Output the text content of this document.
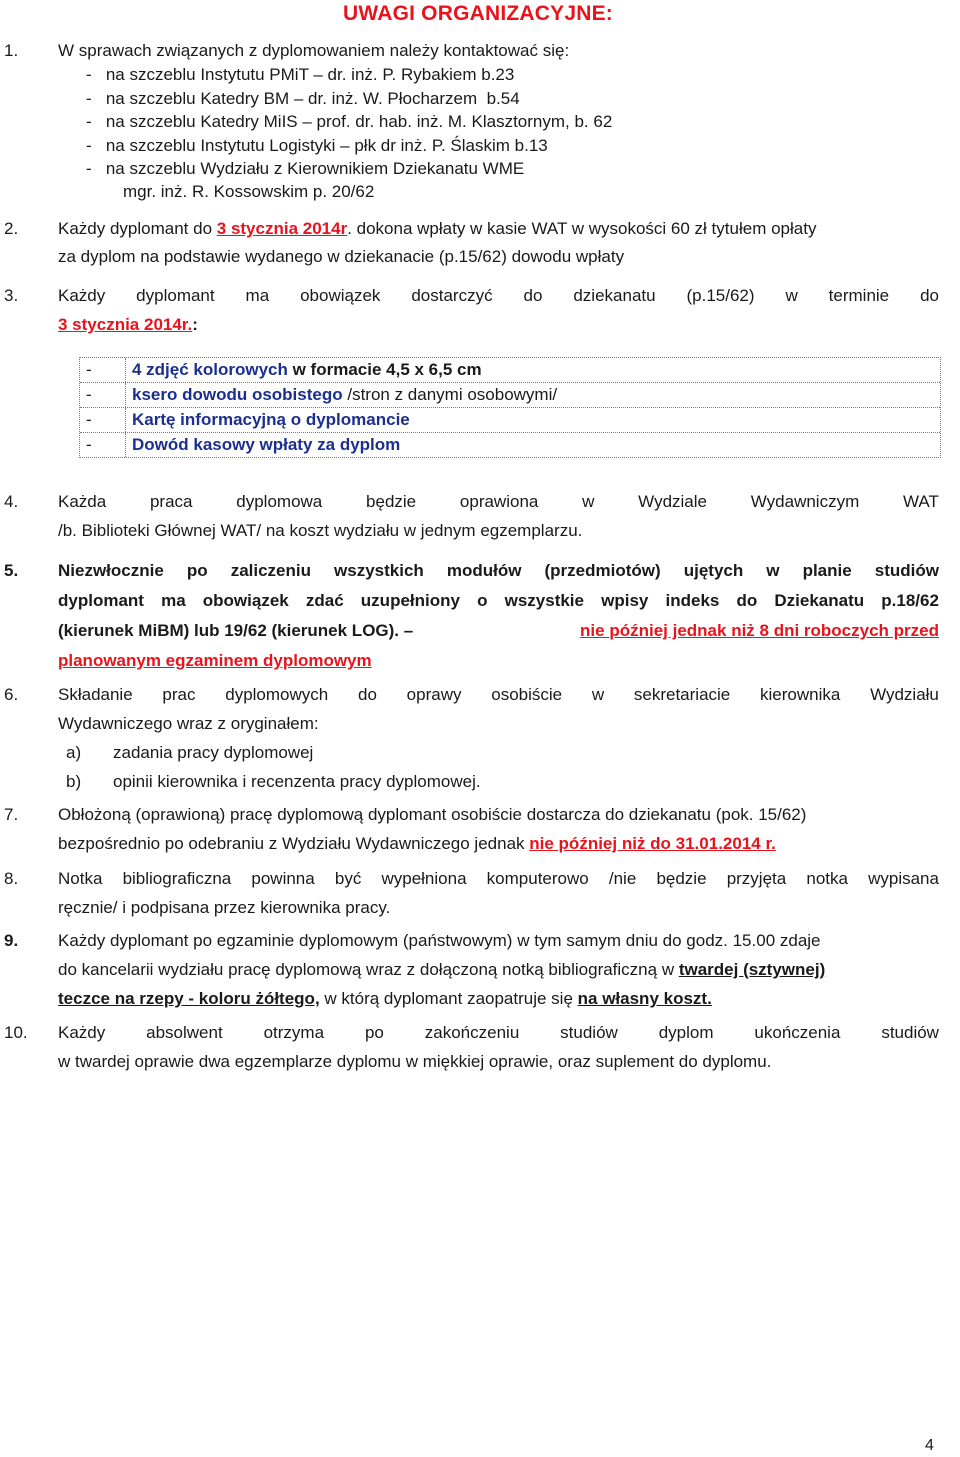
UWAGI ORGANIZACYJNE:
1. W sprawach związanych z dyplomowaniem należy kontaktować się:
-   na szczeblu Instytutu PMiT – dr. inż. P. Rybakiem b.23
-   na szczeblu Katedry BM – dr. inż. W. Płocharzem  b.54
-   na szczeblu Katedry MiIS – prof. dr. hab. inż. M. Klasztornym, b. 62
-   na szczeblu Instytutu Logistyki – płk dr inż. P. Ślaskim b.13
-   na szczeblu Wydziału z Kierownikiem Dziekanatu WME
mgr. inż. R. Kossowskim p. 20/62
2. Każdy dyplomant do 3 stycznia 2014r. dokona wpłaty w kasie WAT w wysokości 60 zł tytułem opłaty
za dyplom na podstawie wydanego w dziekanacie (p.15/62) dowodu wpłaty
3. Każdy dyplomant ma obowiązek dostarczyć do dziekanatu (p.15/62) w terminie do
3 stycznia 2014r.:
-	4 zdjęć kolorowych w formacie 4,5 x 6,5 cm
-	ksero dowodu osobistego /stron z danymi osobowymi/
-	Kartę informacyjną o dyplomancie
-	Dowód kasowy wpłaty za dyplom
4. Każda	praca	dyplomowa	będzie	oprawiona	w	Wydziale	Wydawniczym	WAT
/b. Biblioteki Głównej WAT/ na koszt wydziału w jednym egzemplarzu.
5. Niezwłocznie po zaliczeniu wszystkich modułów (przedmiotów) ujętych w planie studiów
dyplomant ma obowiązek zdać uzupełniony o wszystkie wpisy indeks do Dziekanatu p.18/62
(kierunek MiBM) lub 19/62 (kierunek LOG). –	nie później jednak niż 8 dni roboczych przed
planowanym egzaminem dyplomowym
6. Składanie prac dyplomowych do oprawy osobiście w sekretariacie kierownika Wydziału
Wydawniczego wraz z oryginałem:
a) zadania pracy dyplomowej
b) opinii kierownika i recenzenta pracy dyplomowej.
7. Obłożoną (oprawioną) pracę dyplomową dyplomant osobiście dostarcza do dziekanatu (pok. 15/62)
bezpośrednio po odebraniu z Wydziału Wydawniczego jednak nie później niż do 31.01.2014 r.
8. Notka bibliograficzna powinna być wypełniona komputerowo /nie będzie przyjęta notka wypisana
ręcznie/ i podpisana przez kierownika pracy.
9. Każdy dyplomant po egzaminie dyplomowym (państwowym) w tym samym dniu do godz. 15.00 zdaje
do kancelarii wydziału pracę dyplomową wraz z dołączoną notką bibliograficzną w twardej (sztywnej)
teczce na rzepy - koloru żółtego, w którą dyplomant zaopatruje się na własny koszt.
10. Każdy absolwent otrzyma po zakończeniu studiów dyplom ukończenia studiów
w twardej oprawie dwa egzemplarze dyplomu w miękkiej oprawie, oraz suplement do dyplomu.
4
